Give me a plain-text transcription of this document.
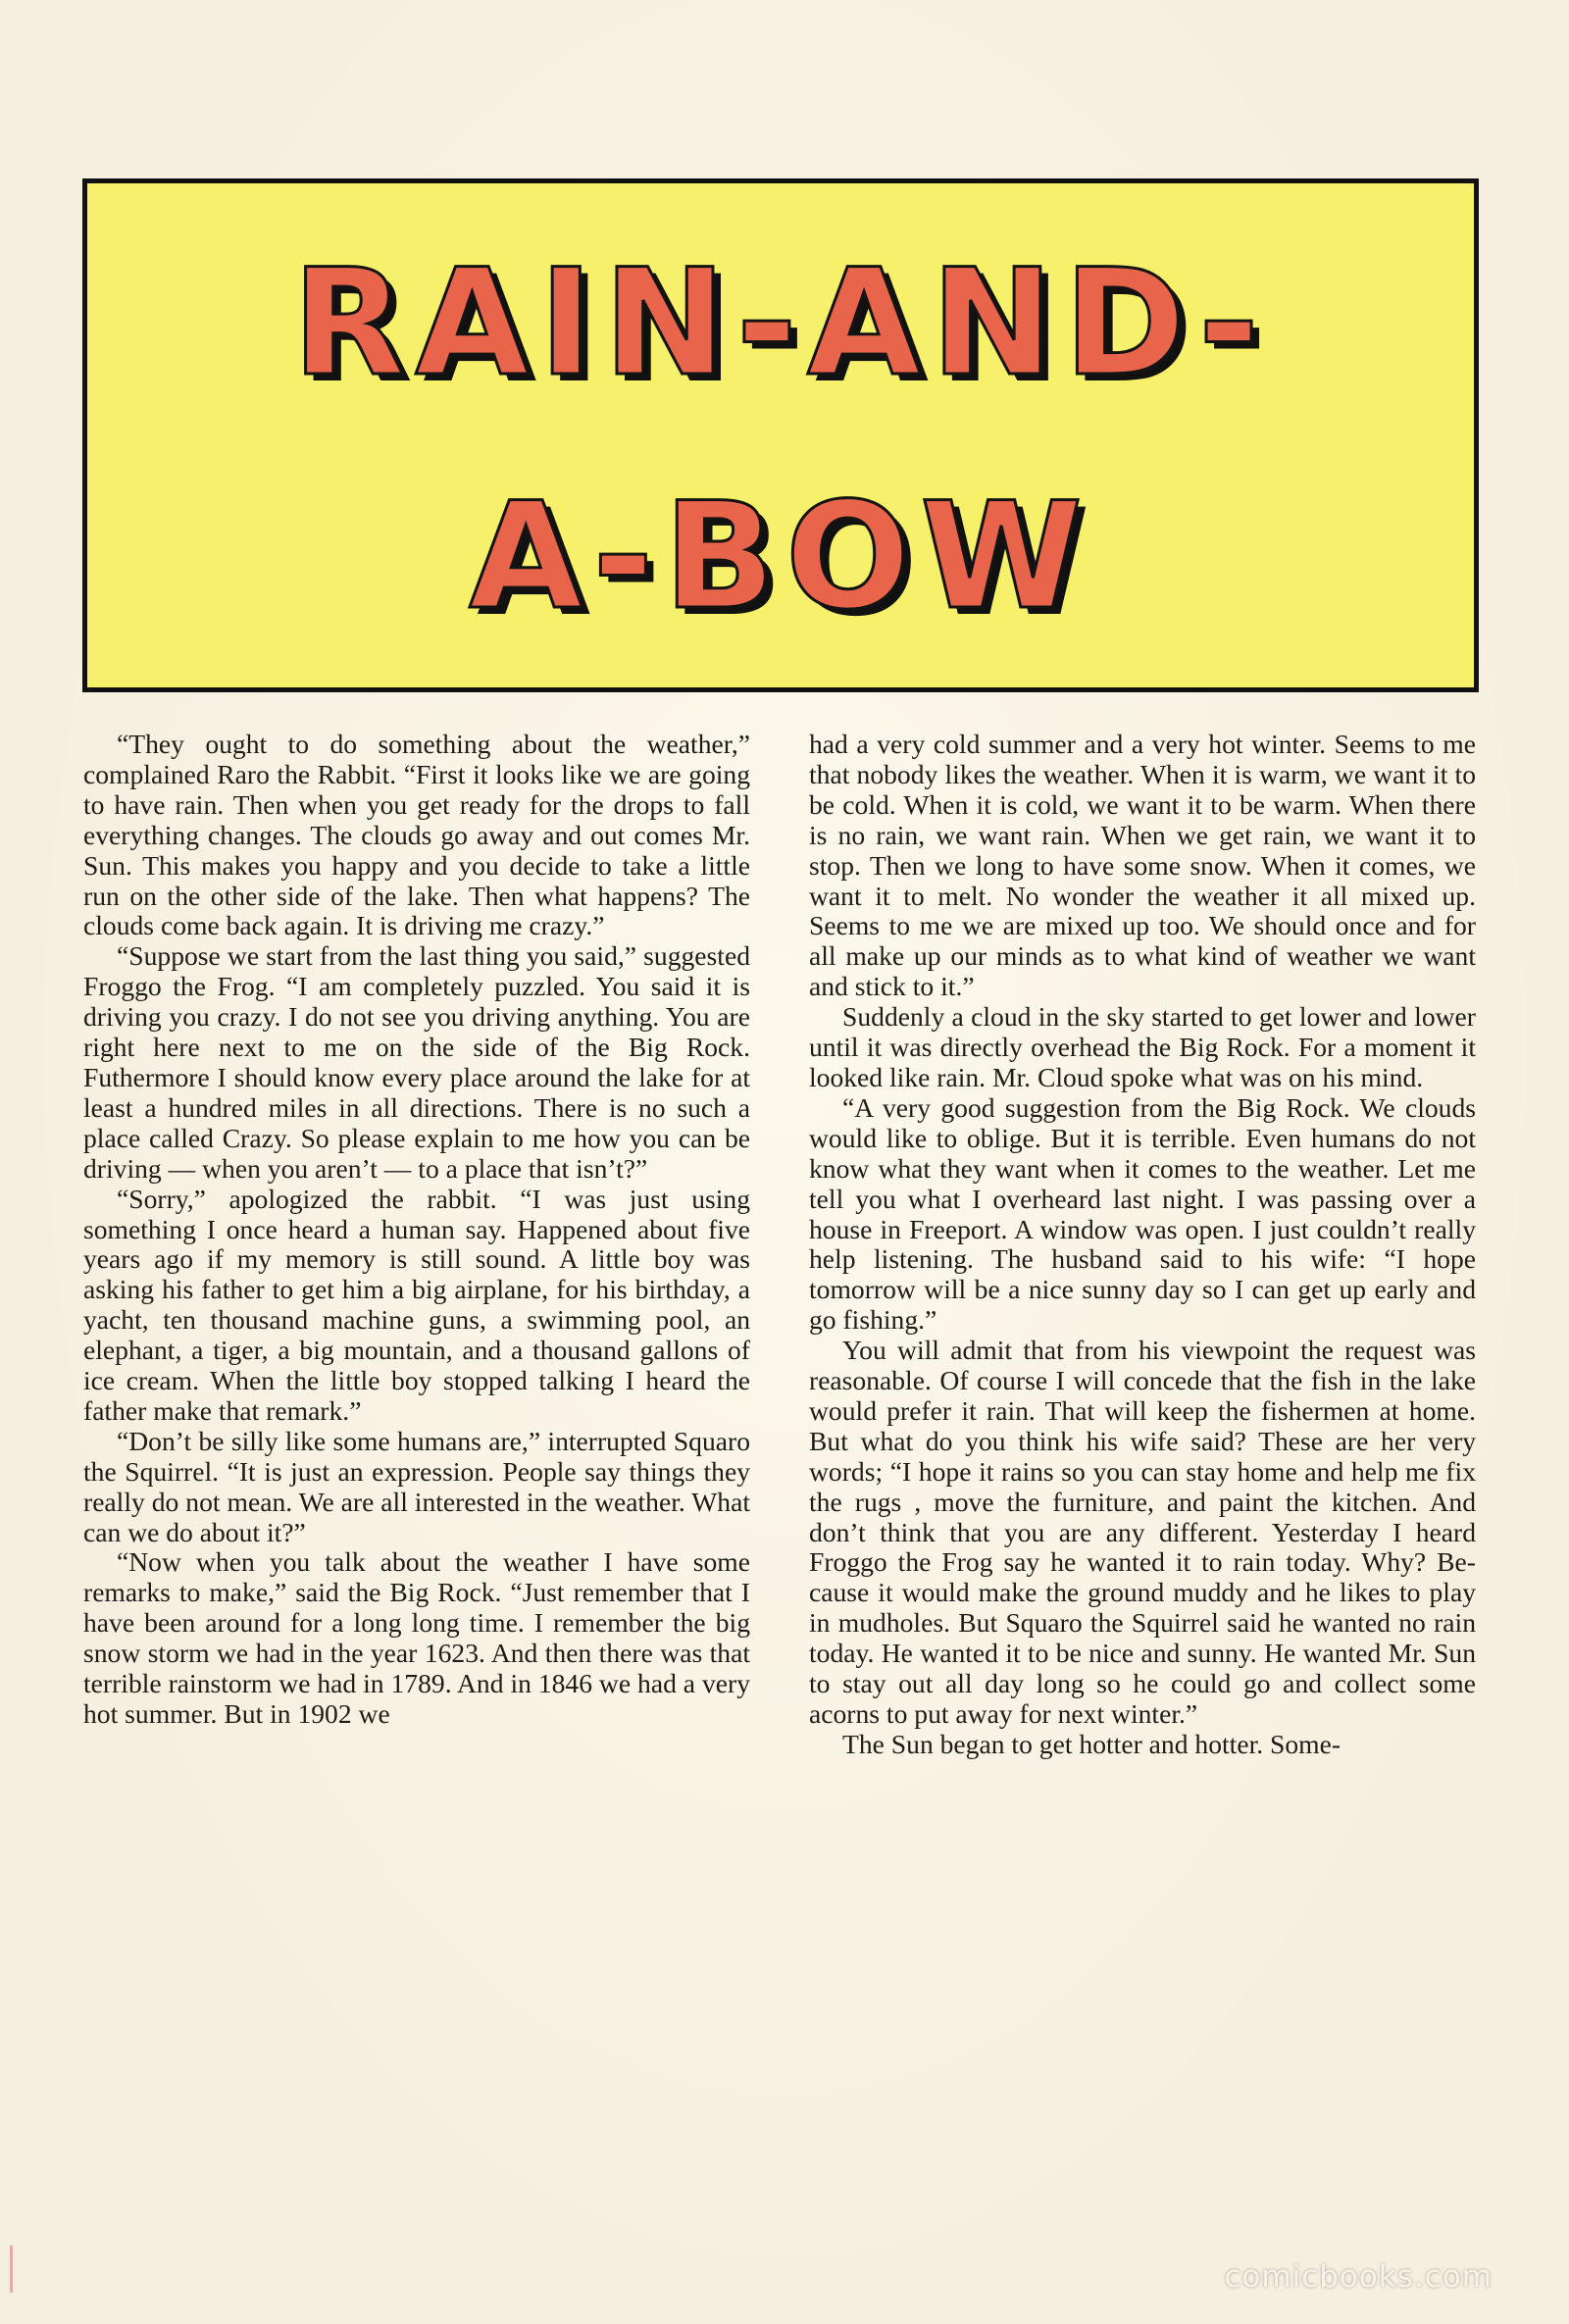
RAIN-AND-
A-BOW

“They ought to do something about the weather,” complained Raro the Rabbit. “First it looks like we are going to have rain. Then when you get ready for the drops to fall everything changes. The clouds go away and out comes Mr. Sun. This makes you happy and you decide to take a little run on the other side of the lake. Then what happens? The clouds come back again. It is driving me crazy.”

“Suppose we start from the last thing you said,” suggested Froggo the Frog. “I am completely puzzled. You said it is driving you crazy. I do not see you driving anything. You are right here next to me on the side of the Big Rock. Futhermore I should know every place around the lake for at least a hundred miles in all directions. There is no such a place called Crazy. So please explain to me how you can be driving — when you aren’t — to a place that isn’t?”

“Sorry,” apologized the rabbit. “I was just using something I once heard a human say. Happened about five years ago if my memory is still sound. A little boy was asking his father to get him a big airplane, for his birthday, a yacht, ten thousand machine guns, a swimming pool, an elephant, a tiger, a big mountain, and a thousand gallons of ice cream. When the little boy stopped talking I heard the father make that remark.”

“Don’t be silly like some humans are,” interrupted Squaro the Squirrel. “It is just an expression. People say things they really do not mean. We are all interested in the weather. What can we do about it?”

“Now when you talk about the weather I have some remarks to make,” said the Big Rock. “Just remember that I have been around for a long long time. I remember the big snow storm we had in the year 1623. And then there was that terrible rainstorm we had in 1789. And in 1846 we had a very hot summer. But in 1902 we

had a very cold summer and a very hot winter. Seems to me that nobody likes the weather. When it is warm, we want it to be cold. When it is cold, we want it to be warm. When there is no rain, we want rain. When we get rain, we want it to stop. Then we long to have some snow. When it comes, we want it to melt. No wonder the weather it all mixed up. Seems to me we are mixed up too. We should once and for all make up our minds as to what kind of weather we want and stick to it.”

Suddenly a cloud in the sky started to get lower and lower until it was directly overhead the Big Rock. For a moment it looked like rain. Mr. Cloud spoke what was on his mind.

“A very good suggestion from the Big Rock. We clouds would like to oblige. But it is terrible. Even humans do not know what they want when it comes to the weather. Let me tell you what I overheard last night. I was passing over a house in Freeport. A window was open. I just couldn’t really help listening. The husband said to his wife: “I hope tomorrow will be a nice sunny day so I can get up early and go fishing.”

You will admit that from his viewpoint the request was reasonable. Of course I will concede that the fish in the lake would prefer it rain. That will keep the fishermen at home. But what do you think his wife said? These are her very words; “I hope it rains so you can stay home and help me fix the rugs , move the furniture, and paint the kitchen. And don’t think that you are any different. Yesterday I heard Froggo the Frog say he wanted it to rain today. Why? Because it would make the ground muddy and he likes to play in mudholes. But Squaro the Squirrel said he wanted no rain today. He wanted it to be nice and sunny. He wanted Mr. Sun to stay out all day long so he could go and collect some acorns to put away for next winter.”

The Sun began to get hotter and hotter. Some-

comicbooks.com
